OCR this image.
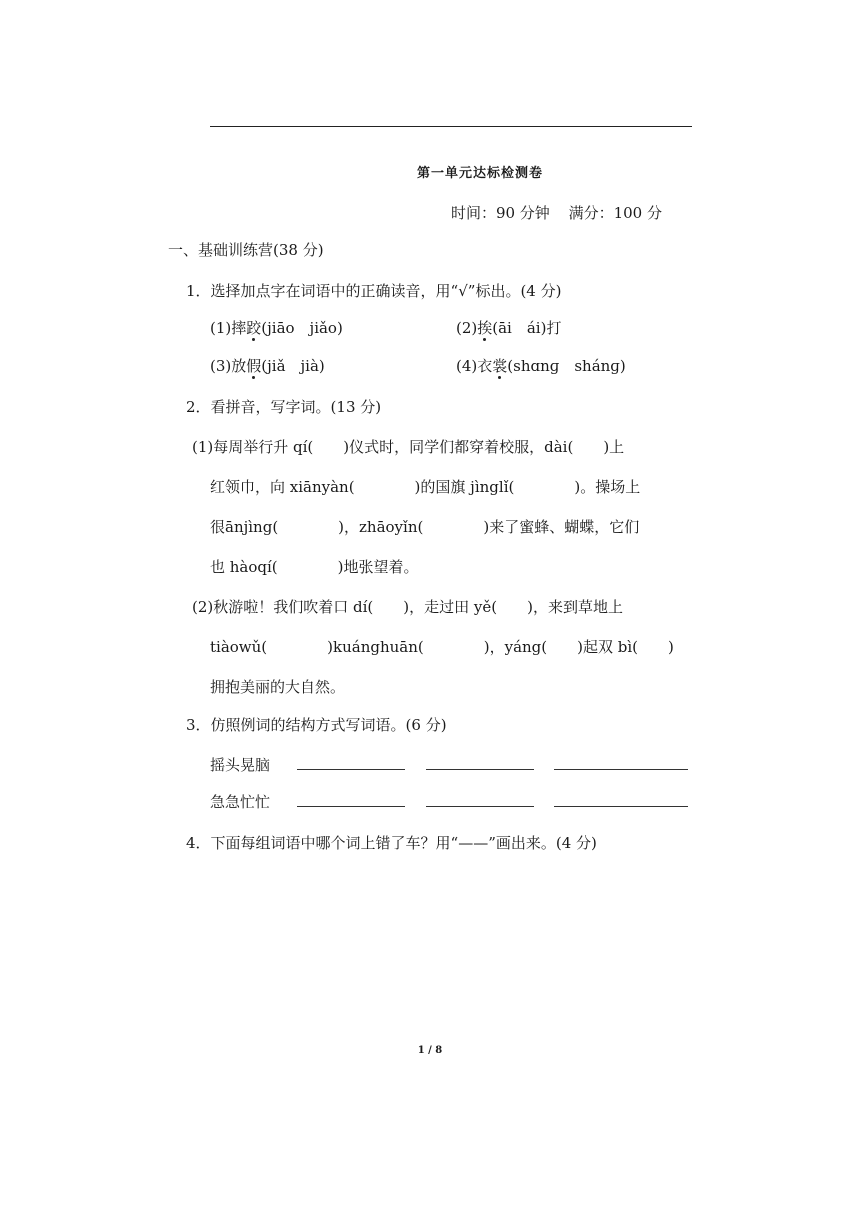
第一单元达标检测卷
时间：90 分钟 满分：100 分
一、基础训练营(38 分)
1．选择加点字在词语中的正确读音，用“√”标出。(4 分)
(1)摔跤(jiāo　jiǎo)	(2)挨(āi　ái)打
(3)放假(jiǎ　jià)	(4)衣裳(shɑnɡ　shánɡ)
2．看拼音，写字词。(13 分)
(1)每周举行升 qí(　　)仪式时，同学们都穿着校服，dài(　　)上
红领巾，向 xiānyàn(　　　　)的国旗 jìnglǐ(　　　　)。操场上
很ānjìng(　　　　)，zhāoyǐn(　　　　)来了蜜蜂、蝴蝶，它们
也 hàoqí(　　　　)地张望着。
(2)秋游啦！我们吹着口 dí(　　)，走过田 yě(　　)，来到草地上
tiàowǔ(　　　　)kuánghuān(　　　　)，yáng(　　)起双 bì(　　)
拥抱美丽的大自然。
3．仿照例词的结构方式写词语。(6 分)
摇头晃脑
急急忙忙
4．下面每组词语中哪个词上错了车？用“——”画出来。(4 分)
1 / 8
